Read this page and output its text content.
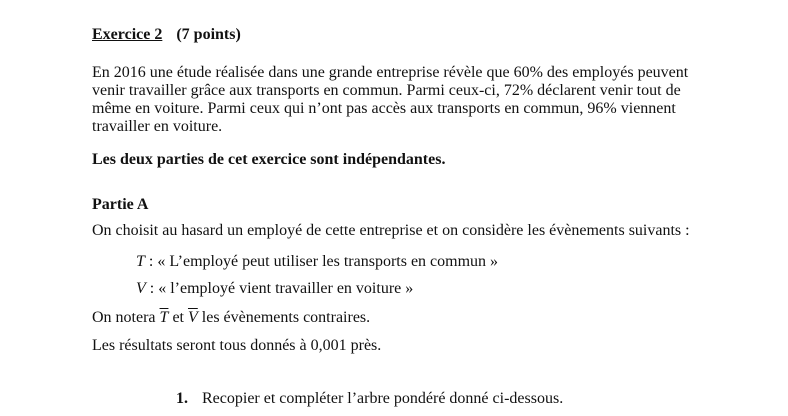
Exercice 2 (7 points)
En 2016 une étude réalisée dans une grande entreprise révèle que 60% des employés peuvent
venir travailler grâce aux transports en commun. Parmi ceux-ci, 72% déclarent venir tout de
même en voiture. Parmi ceux qui n’ont pas accès aux transports en commun, 96% viennent
travailler en voiture.
Les deux parties de cet exercice sont indépendantes.
Partie A
On choisit au hasard un employé de cette entreprise et on considère les évènements suivants :
T : « L’employé peut utiliser les transports en commun »
V : « l’employé vient travailler en voiture »
On notera $\overline{T}$ et $\overline{V}$ les évènements contraires.
Les résultats seront tous donnés à 0,001 près.
1. Recopier et compléter l’arbre pondéré donné ci-dessous.
